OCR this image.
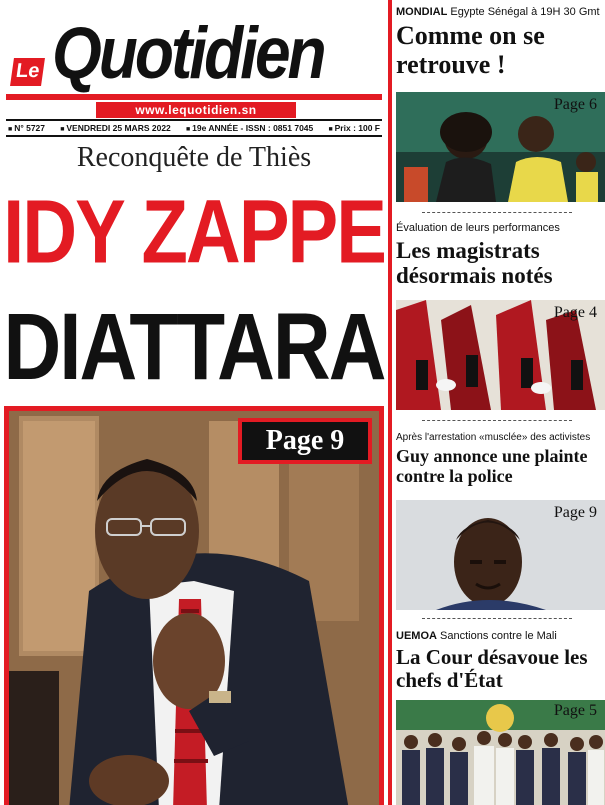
Le Quotidien
www.lequotidien.sn
■ N° 5727	■ VENDREDI 25 MARS 2022	■ 19e ANNÉE - ISSN : 0851 7045	■ Prix : 100 F
Reconquête de Thiès
IDY ZAPPE
DIATTARA
Page 9
MONDIAL Egypte Sénégal à 19H 30 Gmt
Comme on se retrouve !
Page 6
Évaluation de leurs performances
Les magistrats désormais notés
Page 4
Après l'arrestation «musclée» des activistes
Guy annonce une plainte contre la police
Page 9
UEMOA Sanctions contre le Mali
La Cour désavoue les chefs d'État
Page 5
